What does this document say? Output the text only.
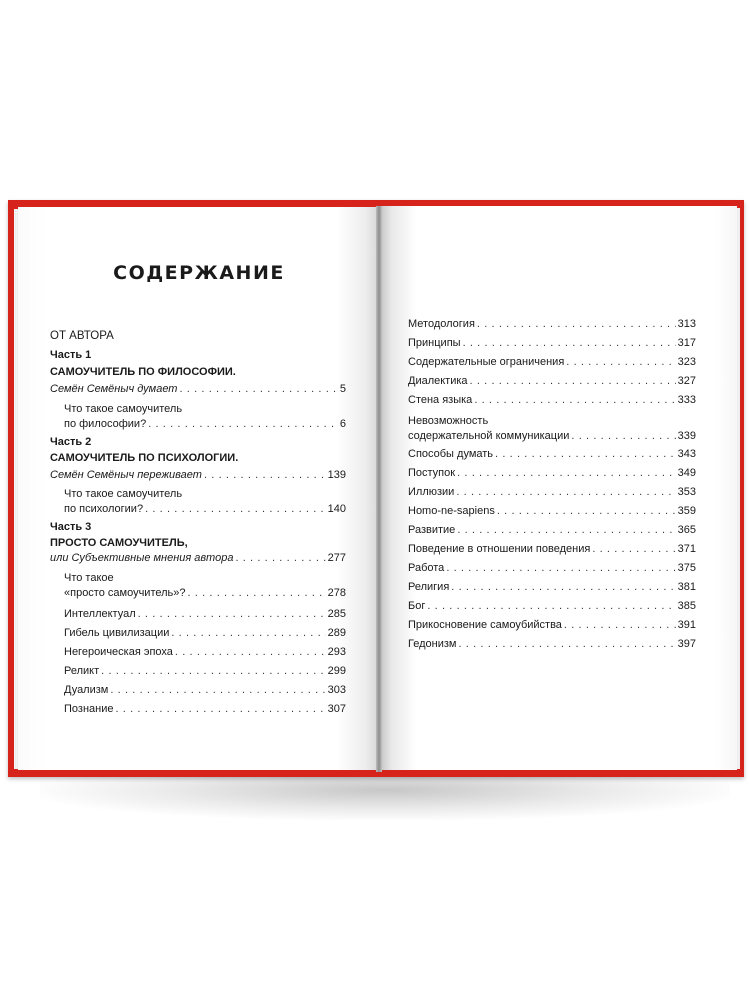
СОДЕРЖАНИЕ
ОТ АВТОРА
Часть 1
САМОУЧИТЕЛЬ ПО ФИЛОСОФИИ.
Семён Семёныч думает . . .	5
Что такое самоучитель
по философии? . . .	6
Часть 2
САМОУЧИТЕЛЬ ПО ПСИХОЛОГИИ.
Семён Семёныч переживает . . .	139
Что такое самоучитель
по психологии? . . .	140
Часть 3
ПРОСТО САМОУЧИТЕЛЬ,
или Субъективные мнения автора . . .	277
Что такое
«просто самоучитель»? . . .	278
Интеллектуал . . .	285
Гибель цивилизации . . .	289
Негероическая эпоха . . .	293
Реликт . . .	299
Дуализм . . .	303
Познание . . .	307
Методология . . .	313
Принципы . . .	317
Содержательные ограничения . . .	323
Диалектика . . .	327
Стена языка . . .	333
Невозможность
содержательной коммуникации . . .	339
Способы думать . . .	343
Поступок . . .	349
Иллюзии . . .	353
Homo-ne-sapiens . . .	359
Развитие . . .	365
Поведение в отношении поведения . . .	371
Работа . . .	375
Религия . . .	381
Бог . . .	385
Прикосновение самоубийства . . .	391
Гедонизм . . .	397
